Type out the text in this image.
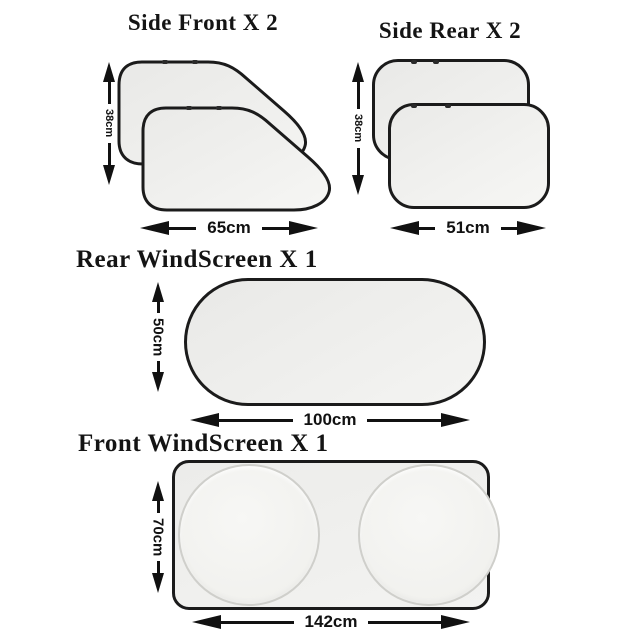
Side Front X 2
38cm
65cm
Side Rear X 2
38cm
51cm
Rear WindScreen X 1
50cm
100cm
Front WindScreen X 1
70cm
142cm
